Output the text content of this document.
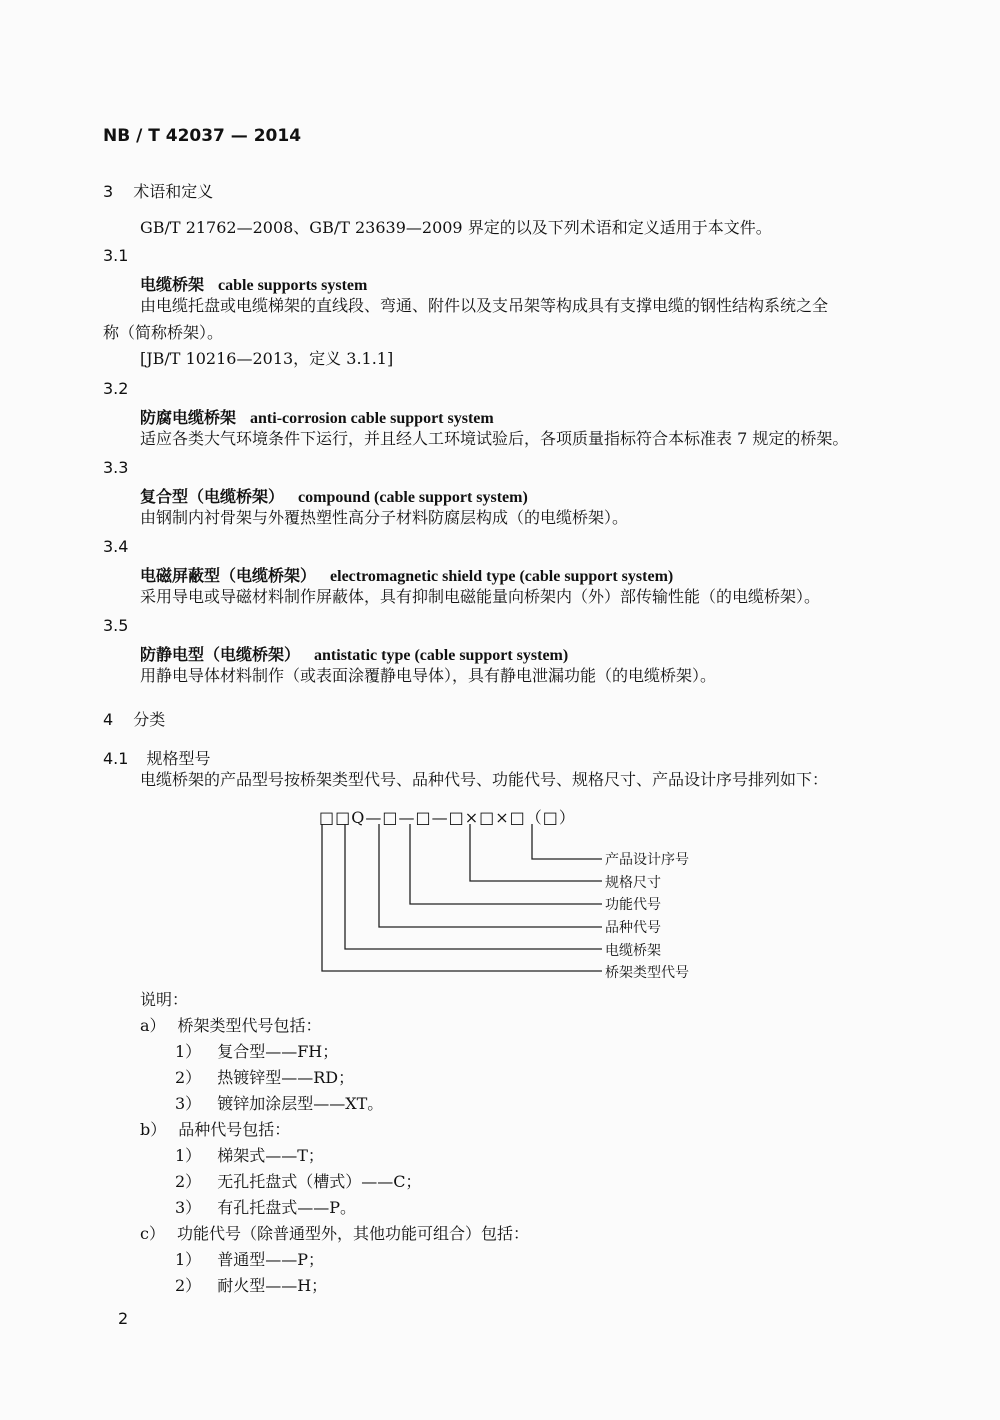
NB / T 42037 — 2014
3 术语和定义
GB/T 21762—2008、GB/T 23639—2009 界定的以及下列术语和定义适用于本文件。
3.1
电缆桥架 cable supports system
由电缆托盘或电缆梯架的直线段、弯通、附件以及支吊架等构成具有支撑电缆的钢性结构系统之全
称（简称桥架）。
[JB/T 10216—2013，定义 3.1.1]
3.2
防腐电缆桥架 anti-corrosion cable support system
适应各类大气环境条件下运行，并且经人工环境试验后，各项质量指标符合本标准表 7 规定的桥架。
3.3
复合型（电缆桥架） compound (cable support system)
由钢制内衬骨架与外覆热塑性高分子材料防腐层构成（的电缆桥架）。
3.4
电磁屏蔽型（电缆桥架） electromagnetic shield type (cable support system)
采用导电或导磁材料制作屏蔽体，具有抑制电磁能量向桥架内（外）部传输性能（的电缆桥架）。
3.5
防静电型（电缆桥架） antistatic type (cable support system)
用静电导体材料制作（或表面涂覆静电导体），具有静电泄漏功能（的电缆桥架）。
4 分类
4.1 规格型号
电缆桥架的产品型号按桥架类型代号、品种代号、功能代号、规格尺寸、产品设计序号排列如下：
□□Q—□—□—□×□×□（□）
产品设计序号
规格尺寸
功能代号
品种代号
电缆桥架
桥架类型代号
说明：
a） 桥架类型代号包括：
1） 复合型——FH；
2） 热镀锌型——RD；
3） 镀锌加涂层型——XT。
b） 品种代号包括：
1） 梯架式——T；
2） 无孔托盘式（槽式）——C；
3） 有孔托盘式——P。
c） 功能代号（除普通型外，其他功能可组合）包括：
1） 普通型——P；
2） 耐火型——H；
2
